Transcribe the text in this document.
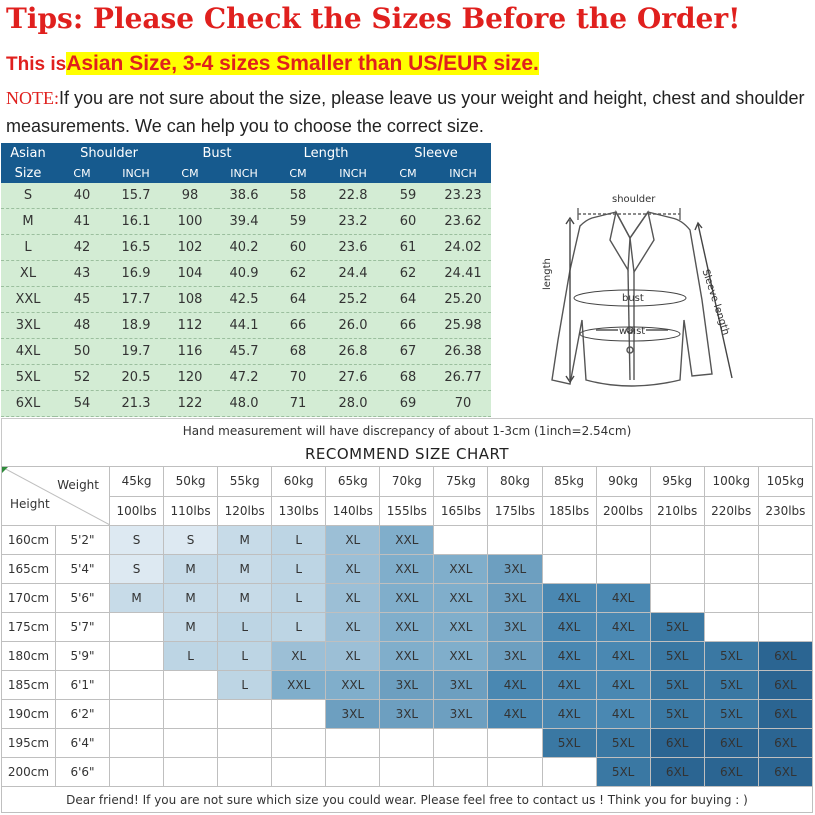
Tips: Please Check the Sizes Before the Order!
This isAsian Size, 3-4 sizes Smaller than US/EUR size.
NOTE:If you are not sure about the size, please leave us your weight and height, chest and shoulder measurements. We can help you to choose the correct size.
Asian	Shoulder		Bust		Length		Sleeve	
Size	CM	INCH	CM	INCH	CM	INCH	CM	INCH
S	40	15.7	98	38.6	58	22.8	59	23.23
M	41	16.1	100	39.4	59	23.2	60	23.62
L	42	16.5	102	40.2	60	23.6	61	24.02
XL	43	16.9	104	40.9	62	24.4	62	24.41
XXL	45	17.7	108	42.5	64	25.2	64	25.20
3XL	48	18.9	112	44.1	66	26.0	66	25.98
4XL	50	19.7	116	45.7	68	26.8	67	26.38
5XL	52	20.5	120	47.2	70	27.6	68	26.77
6XL	54	21.3	122	48.0	71	28.0	69	70
shoulder
length
bust
waist	Sleeve length
Hand measurement will have discrepancy of about 1-3cm (1inch=2.54cm)
RECOMMEND SIZE CHART
Weight
Height		45kg	50kg	55kg	60kg	65kg	70kg	75kg	80kg	85kg	90kg	95kg	100kg	105kg
		100lbs	110lbs	120lbs	130lbs	140lbs	155lbs	165lbs	175lbs	185lbs	200lbs	210lbs	220lbs	230lbs
160cm	5'2"	S	S	M	L	XL	XXL							
165cm	5'4"	S	M	M	L	XL	XXL	XXL	3XL					
170cm	5'6"	M	M	M	L	XL	XXL	XXL	3XL	4XL	4XL			
175cm	5'7"		M	L	L	XL	XXL	XXL	3XL	4XL	4XL	5XL		
180cm	5'9"		L	L	XL	XL	XXL	XXL	3XL	4XL	4XL	5XL	5XL	6XL
185cm	6'1"			L	XXL	XXL	3XL	3XL	4XL	4XL	4XL	5XL	5XL	6XL
190cm	6'2"					3XL	3XL	3XL	4XL	4XL	4XL	5XL	5XL	6XL
195cm	6'4"									5XL	5XL	6XL	6XL	6XL
200cm	6'6"										5XL	6XL	6XL	6XL
Dear friend! If you are not sure which size you could wear. Please feel free to contact us ! Think you for buying : )
